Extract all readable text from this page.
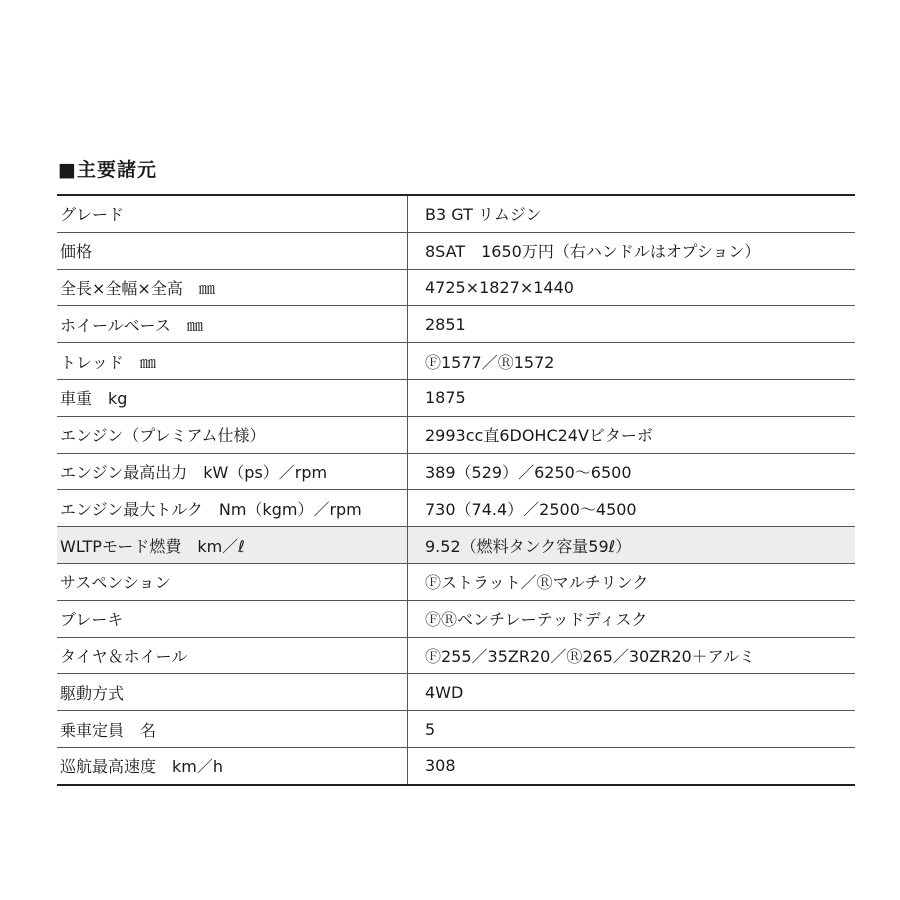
■主要諸元
グレード	B3 GT リムジン
価格	8SAT　1650万円（右ハンドルはオプション）
全長×全幅×全高　㎜	4725×1827×1440
ホイールベース　㎜	2851
トレッド　㎜	Ⓕ1577／Ⓡ1572
車重　kg	1875
エンジン（プレミアム仕様）	2993cc直6DOHC24Vビターボ
エンジン最高出力　kW（ps）／rpm	389（529）／6250〜6500
エンジン最大トルク　Nm（kgm）／rpm	730（74.4）／2500〜4500
WLTPモード燃費　km／ℓ	9.52（燃料タンク容量59ℓ）
サスペンション	Ⓕストラット／Ⓡマルチリンク
ブレーキ	ⒻⓇベンチレーテッドディスク
タイヤ＆ホイール	Ⓕ255／35ZR20／Ⓡ265／30ZR20＋アルミ
駆動方式	4WD
乗車定員　名	5
巡航最高速度　km／h	308
